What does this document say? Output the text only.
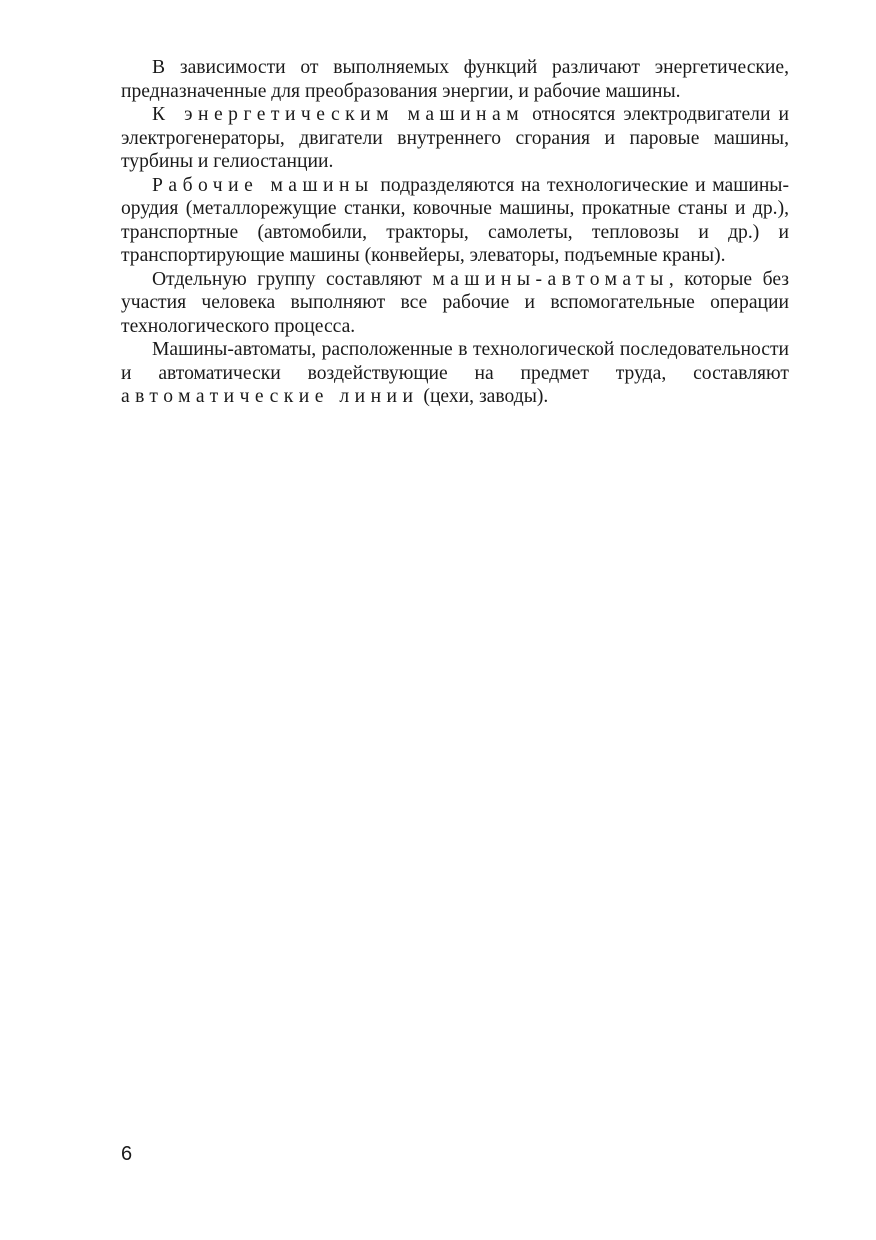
В зависимости от выполняемых функций различают энергетические, предназначенные для преобразования энергии, и рабочие машины.

К энергетическим машинам относятся электродвигатели и электрогенераторы, двигатели внутреннего сгорания и паровые машины, турбины и гелиостанции.

Рабочие машины подразделяются на технологические и машины-орудия (металлорежущие станки, ковочные машины, прокатные станы и др.), транспортные (автомобили, тракторы, самолеты, тепловозы и др.) и транспортирующие машины (конвейеры, элеваторы, подъемные краны).

Отдельную группу составляют машины-автоматы, которые без участия человека выполняют все рабочие и вспомогательные операции технологического процесса.

Машины-автоматы, расположенные в технологической последовательности и автоматически воздействующие на предмет труда, составляют автоматические линии (цехи, заводы).

6
